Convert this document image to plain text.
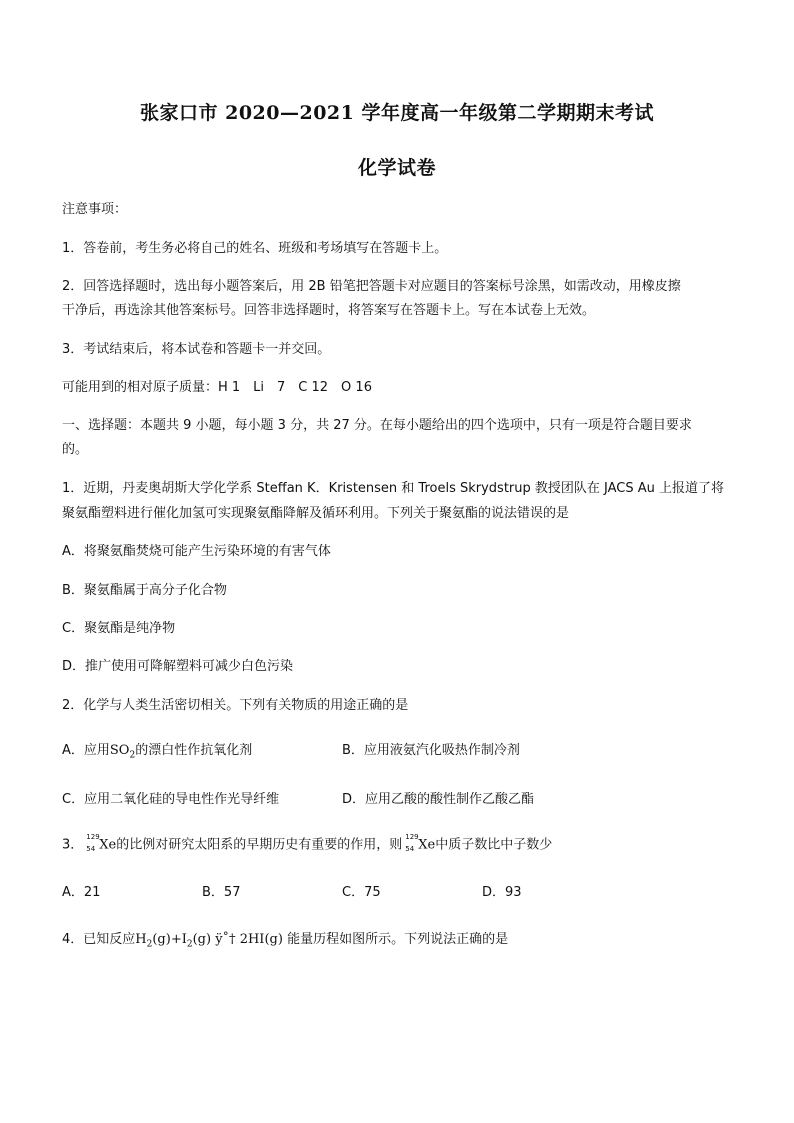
张家口市 2020—2021 学年度高一年级第二学期期末考试
化学试卷
注意事项：
1．答卷前，考生务必将自己的姓名、班级和考场填写在答题卡上。
2．回答选择题时，选出每小题答案后，用 2B 铅笔把答题卡对应题目的答案标号涂黑，如需改动，用橡皮擦
干净后，再选涂其他答案标号。回答非选择题时，将答案写在答题卡上。写在本试卷上无效。
3．考试结束后，将本试卷和答题卡一并交回。
可能用到的相对原子质量：H 1　Li　7　C 12　O 16
一、选择题：本题共 9 小题，每小题 3 分，共 27 分。在每小题给出的四个选项中，只有一项是符合题目要求
的。
1．近期，丹麦奥胡斯大学化学系 Steffan K．Kristensen 和 Troels Skrydstrup 教授团队在 JACS Au 上报道了将
聚氨酯塑料进行催化加氢可实现聚氨酯降解及循环利用。下列关于聚氨酯的说法错误的是
A．将聚氨酯焚烧可能产生污染环境的有害气体
B．聚氨酯属于高分子化合物
C．聚氨酯是纯净物
D．推广使用可降解塑料可减少白色污染
2．化学与人类生活密切相关。下列有关物质的用途正确的是
A．应用$SO_2$的漂白性作抗氧化剂	B．应用液氨汽化吸热作制冷剂
C．应用二氧化硅的导电性作光导纤维	D．应用乙酸的酸性制作乙酸乙酯
3．
129
54 Xe的比例对研究太阳系的早期历史有重要的作用，则
129
54 Xe中质子数比中子数少
A．21	B．57	C．75	D．93
4．已知反应$H_2(g)+I_2(g)$ ÿ˚† 2HI(g) 能量历程如图所示。下列说法正确的是
